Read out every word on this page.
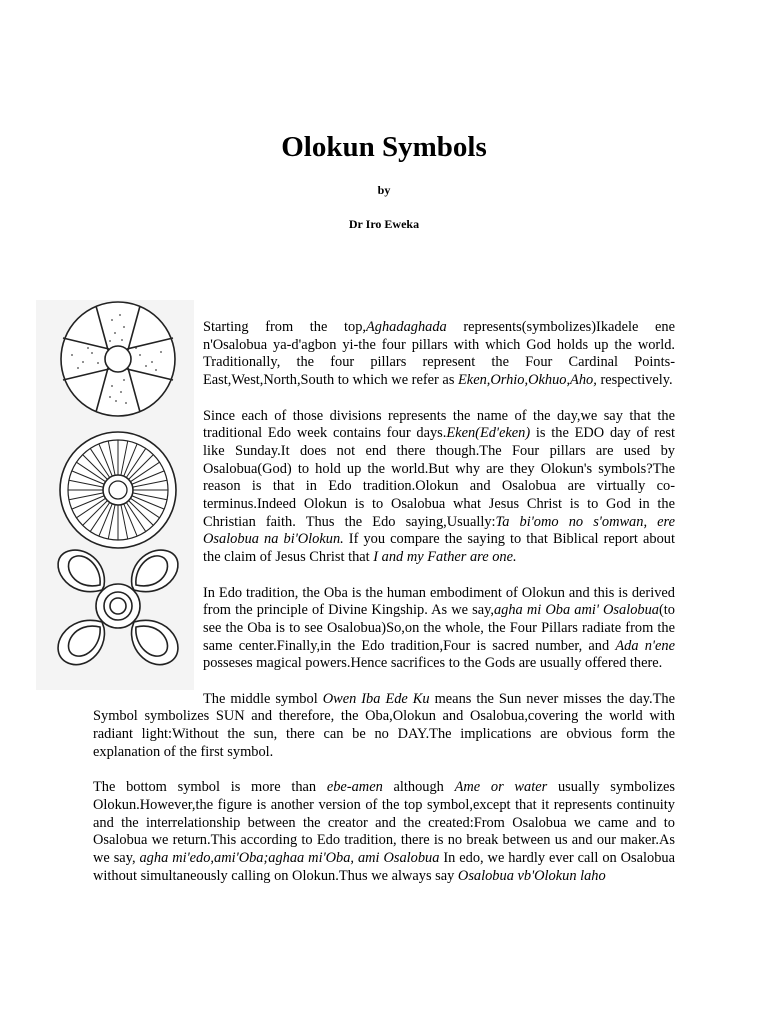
Olokun Symbols
by
Dr Iro Eweka

Starting from the top,Aghadaghada represents(symbolizes)Ikadele ene n'Osalobua ya-d'agbon yi-the four pillars with which God holds up the world. Traditionally, the four pillars represent the Four Cardinal Points-East,West,North,South to which we refer as Eken,Orhio,Okhuo,Aho, respectively.

Since each of those divisions represents the name of the day,we say that the traditional Edo week contains four days.Eken(Ed'eken) is the EDO day of rest like Sunday.It does not end there though.The Four pillars are used by Osalobua(God) to hold up the world.But why are they Olokun's symbols?The reason is that in Edo tradition.Olokun and Osalobua are virtually co-terminus.Indeed Olokun is to Osalobua what Jesus Christ is to God in the Christian faith. Thus the Edo saying,Usually:Ta bi'omo no s'omwan, ere Osalobua na bi'Olokun. If you compare the saying to that Biblical report about the claim of Jesus Christ that I and my Father are one.

In Edo tradition, the Oba is the human embodiment of Olokun and this is derived from the principle of Divine Kingship. As we say,agha mi Oba ami' Osalobua(to see the Oba is to see Osalobua)So,on the whole, the Four Pillars radiate from the same center.Finally,in the Edo tradition,Four is sacred number, and Ada n'ene posseses magical powers.Hence sacrifices to the Gods are usually offered there.

The middle symbol Owen Iba Ede Ku means the Sun never misses the day.The Symbol symbolizes SUN and therefore, the Oba,Olokun and Osalobua,covering the world with radiant light:Without the sun, there can be no DAY.The implications are obvious form the explanation of the first symbol.

The bottom symbol is more than ebe-amen although Ame or water usually symbolizes Olokun.However,the figure is another version of the top symbol,except that it represents continuity and the interrelationship between the creator and the created:From Osalobua we came and to Osalobua we return.This according to Edo tradition, there is no break between us and our maker.As we say, agha mi'edo,ami'Oba;aghaa mi'Oba, ami Osalobua In edo, we hardly ever call on Osalobua without simultaneously calling on Olokun.Thus we always say Osalobua vb'Olokun laho
